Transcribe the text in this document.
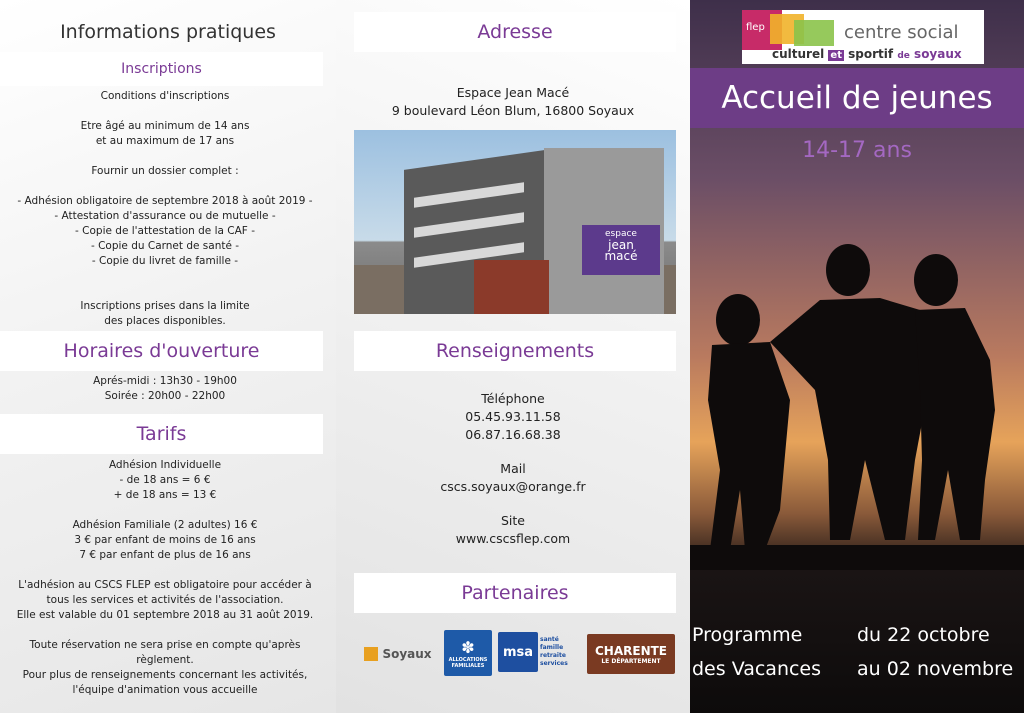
Informations pratiques
Inscriptions
Conditions d'inscriptions

Etre âgé au minimum de 14 ans
et au maximum de 17 ans

Fournir un dossier complet :

- Adhésion obligatoire de septembre 2018 à août 2019 -
- Attestation d'assurance ou de mutuelle -
- Copie de l'attestation de la CAF -
- Copie du Carnet de santé -
- Copie du livret de famille -

Inscriptions prises dans la limite
des places disponibles.
Horaires d'ouverture
Aprés-midi : 13h30 - 19h00
Soirée : 20h00 - 22h00
Tarifs
Adhésion Individuelle
- de 18 ans = 6 €
+ de 18 ans = 13 €

Adhésion Familiale (2 adultes) 16 €
3 € par enfant de moins de 16 ans
7 € par enfant de plus de 16 ans

L'adhésion au CSCS FLEP est obligatoire pour accéder à
tous les services et activités de l'association.
Elle est valable du 01 septembre 2018 au 31 août 2019.

Toute réservation ne sera prise en compte qu'après
règlement.
Pour plus de renseignements concernant les activités,
l'équipe d'animation vous accueille
Adresse
Espace Jean Macé
9 boulevard Léon Blum, 16800 Soyaux
espace
jean
macé
Renseignements
Téléphone
05.45.93.11.58
06.87.16.68.38
Mail
cscs.soyaux@orange.fr
Site
www.cscsflep.com
Partenaires
Soyaux ✽
ALLOCATIONS FAMILIALES
msa
santé famille retraite services
CHARENTE
LE DÉPARTEMENT
flep	centre social
culturel et sportif de soyaux
Accueil de jeunes
14-17 ans
Programme
des Vacances
du 22 octobre
au 02 novembre
